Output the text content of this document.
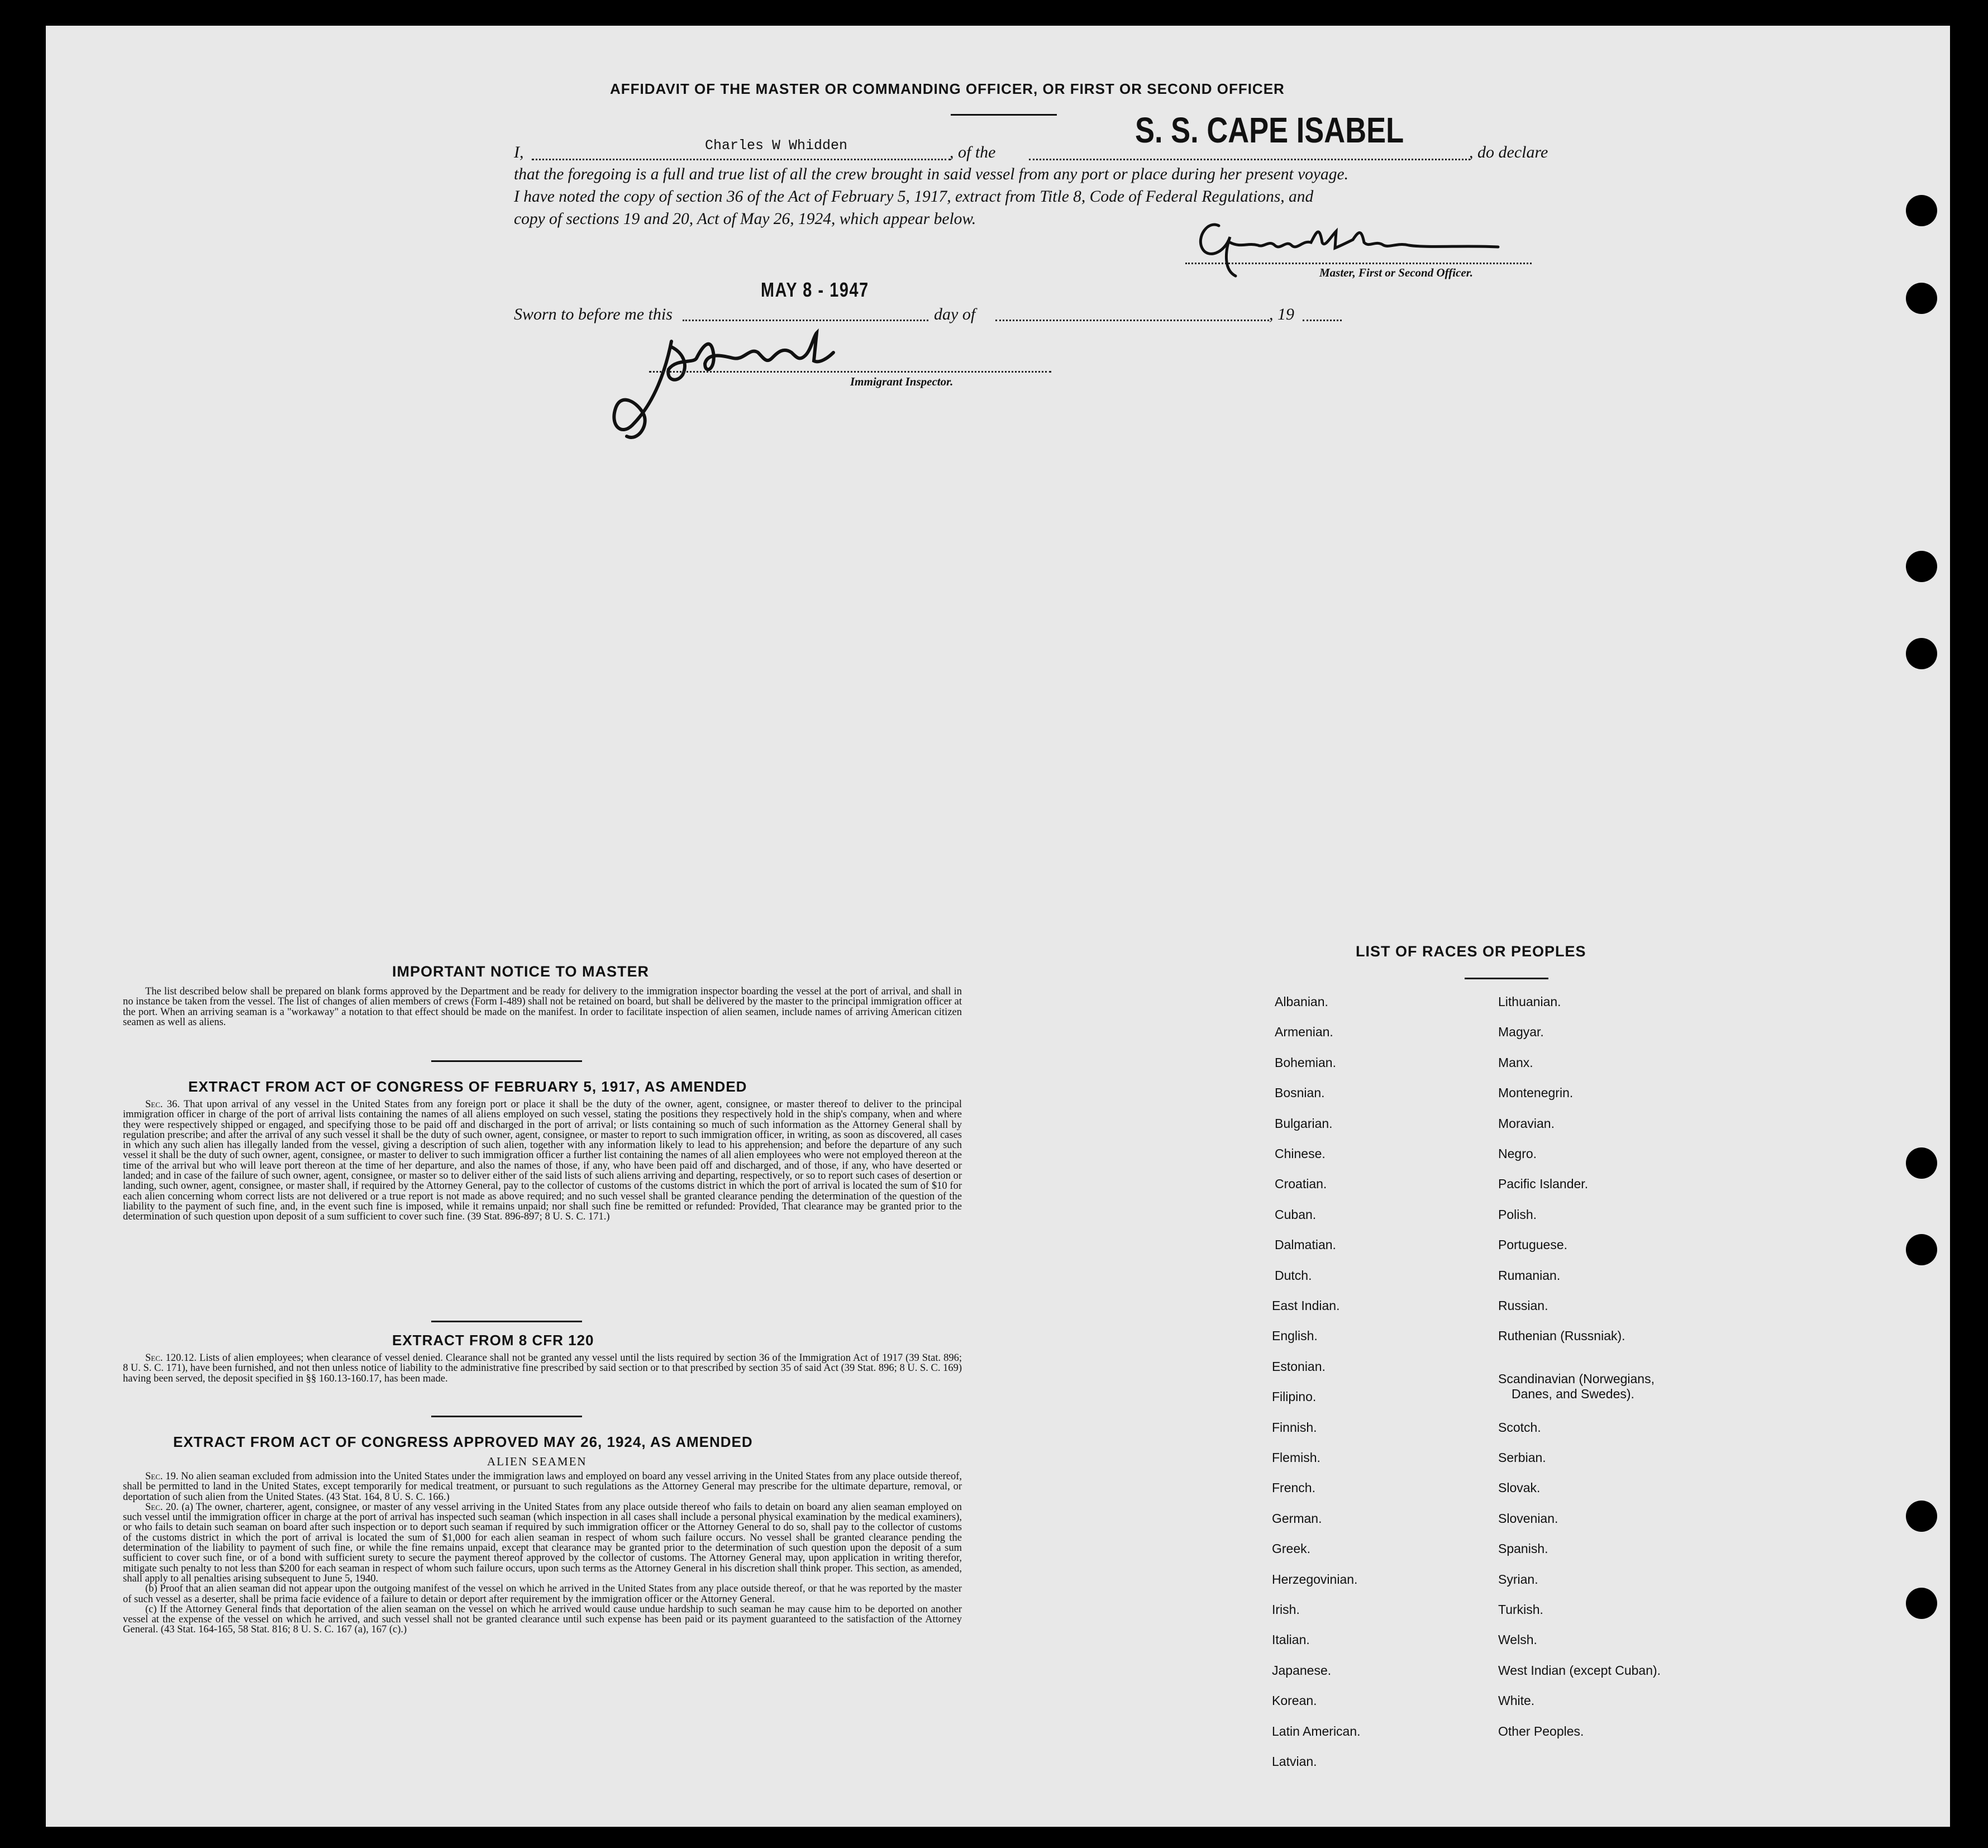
AFFIDAVIT OF THE MASTER OR COMMANDING OFFICER, OR FIRST OR SECOND OFFICER
I,	Charles W Whidden	, of the
S. S. CAPE ISABEL
, do declare
that the foregoing is a full and true list of all the crew brought in said vessel from any port or place during her present voyage.
I have noted the copy of section 36 of the Act of February 5, 1917, extract from Title 8, Code of Federal Regulations, and
copy of sections 19 and 20, Act of May 26, 1924, which appear below.
Master, First or Second Officer.
MAY 8 - 1947
Sworn to before me this	day of	, 19
Immigrant Inspector.
IMPORTANT NOTICE TO MASTER

The list described below shall be prepared on blank forms approved by the Department and be ready for delivery to the immigration inspector boarding the vessel at the port of arrival, and shall in no instance be taken from the vessel. The list of changes of alien members of crews (Form I-489) shall not be retained on board, but shall be delivered by the master to the principal immigration officer at the port. When an arriving seaman is a "workaway" a notation to that effect should be made on the manifest. In order to facilitate inspection of alien seamen, include names of arriving American citizen seamen as well as aliens.

EXTRACT FROM ACT OF CONGRESS OF FEBRUARY 5, 1917, AS AMENDED

Sec. 36. That upon arrival of any vessel in the United States from any foreign port or place it shall be the duty of the owner, agent, consignee, or master thereof to deliver to the principal immigration officer in charge of the port of arrival lists containing the names of all aliens employed on such vessel, stating the positions they respectively hold in the ship's company, when and where they were respectively shipped or engaged, and specifying those to be paid off and discharged in the port of arrival; or lists containing so much of such information as the Attorney General shall by regulation prescribe; and after the arrival of any such vessel it shall be the duty of such owner, agent, consignee, or master to report to such immigration officer, in writing, as soon as discovered, all cases in which any such alien has illegally landed from the vessel, giving a description of such alien, together with any information likely to lead to his apprehension; and before the departure of any such vessel it shall be the duty of such owner, agent, consignee, or master to deliver to such immigration officer a further list containing the names of all alien employees who were not employed thereon at the time of the arrival but who will leave port thereon at the time of her departure, and also the names of those, if any, who have been paid off and discharged, and of those, if any, who have deserted or landed; and in case of the failure of such owner, agent, consignee, or master so to deliver either of the said lists of such aliens arriving and departing, respectively, or so to report such cases of desertion or landing, such owner, agent, consignee, or master shall, if required by the Attorney General, pay to the collector of customs of the customs district in which the port of arrival is located the sum of $10 for each alien concerning whom correct lists are not delivered or a true report is not made as above required; and no such vessel shall be granted clearance pending the determination of the question of the liability to the payment of such fine, and, in the event such fine is imposed, while it remains unpaid; nor shall such fine be remitted or refunded: Provided, That clearance may be granted prior to the determination of such question upon deposit of a sum sufficient to cover such fine. (39 Stat. 896-897; 8 U. S. C. 171.)

EXTRACT FROM 8 CFR 120

Sec. 120.12. Lists of alien employees; when clearance of vessel denied. Clearance shall not be granted any vessel until the lists required by section 36 of the Immigration Act of 1917 (39 Stat. 896; 8 U. S. C. 171), have been furnished, and not then unless notice of liability to the administrative fine prescribed by said section or to that prescribed by section 35 of said Act (39 Stat. 896; 8 U. S. C. 169) having been served, the deposit specified in §§ 160.13-160.17, has been made.

EXTRACT FROM ACT OF CONGRESS APPROVED MAY 26, 1924, AS AMENDED
ALIEN SEAMEN

Sec. 19. No alien seaman excluded from admission into the United States under the immigration laws and employed on board any vessel arriving in the United States from any place outside thereof, shall be permitted to land in the United States, except temporarily for medical treatment, or pursuant to such regulations as the Attorney General may prescribe for the ultimate departure, removal, or deportation of such alien from the United States. (43 Stat. 164, 8 U. S. C. 166.)

Sec. 20. (a) The owner, charterer, agent, consignee, or master of any vessel arriving in the United States from any place outside thereof who fails to detain on board any alien seaman employed on such vessel until the immigration officer in charge at the port of arrival has inspected such seaman (which inspection in all cases shall include a personal physical examination by the medical examiners), or who fails to detain such seaman on board after such inspection or to deport such seaman if required by such immigration officer or the Attorney General to do so, shall pay to the collector of customs of the customs district in which the port of arrival is located the sum of $1,000 for each alien seaman in respect of whom such failure occurs. No vessel shall be granted clearance pending the determination of the liability to payment of such fine, or while the fine remains unpaid, except that clearance may be granted prior to the determination of such question upon the deposit of a sum sufficient to cover such fine, or of a bond with sufficient surety to secure the payment thereof approved by the collector of customs. The Attorney General may, upon application in writing therefor, mitigate such penalty to not less than $200 for each seaman in respect of whom such failure occurs, upon such terms as the Attorney General in his discretion shall think proper. This section, as amended, shall apply to all penalties arising subsequent to June 5, 1940.

(b) Proof that an alien seaman did not appear upon the outgoing manifest of the vessel on which he arrived in the United States from any place outside thereof, or that he was reported by the master of such vessel as a deserter, shall be prima facie evidence of a failure to detain or deport after requirement by the immigration officer or the Attorney General.

(c) If the Attorney General finds that deportation of the alien seaman on the vessel on which he arrived would cause undue hardship to such seaman he may cause him to be deported on another vessel at the expense of the vessel on which he arrived, and such vessel shall not be granted clearance until such expense has been paid or its payment guaranteed to the satisfaction of the Attorney General. (43 Stat. 164-165, 58 Stat. 816; 8 U. S. C. 167 (a), 167 (c).)

LIST OF RACES OR PEOPLES
Albanian.
Armenian.
Bohemian.
Bosnian.
Bulgarian.
Chinese.
Croatian.
Cuban.
Dalmatian.
Dutch.
East Indian.
English.
Estonian.
Filipino.
Finnish.
Flemish.
French.
German.
Greek.
Herzegovinian.
Irish.
Italian.
Japanese.
Korean.
Latin American.
Latvian.
Lithuanian.
Magyar.
Manx.
Montenegrin.
Moravian.
Negro.
Pacific Islander.
Polish.
Portuguese.
Rumanian.
Russian.
Ruthenian (Russniak).
Scandinavian (Norwegians,
Danes, and Swedes).
Scotch.
Serbian.
Slovak.
Slovenian.
Spanish.
Syrian.
Turkish.
Welsh.
West Indian (except Cuban).
White.
Other Peoples.
